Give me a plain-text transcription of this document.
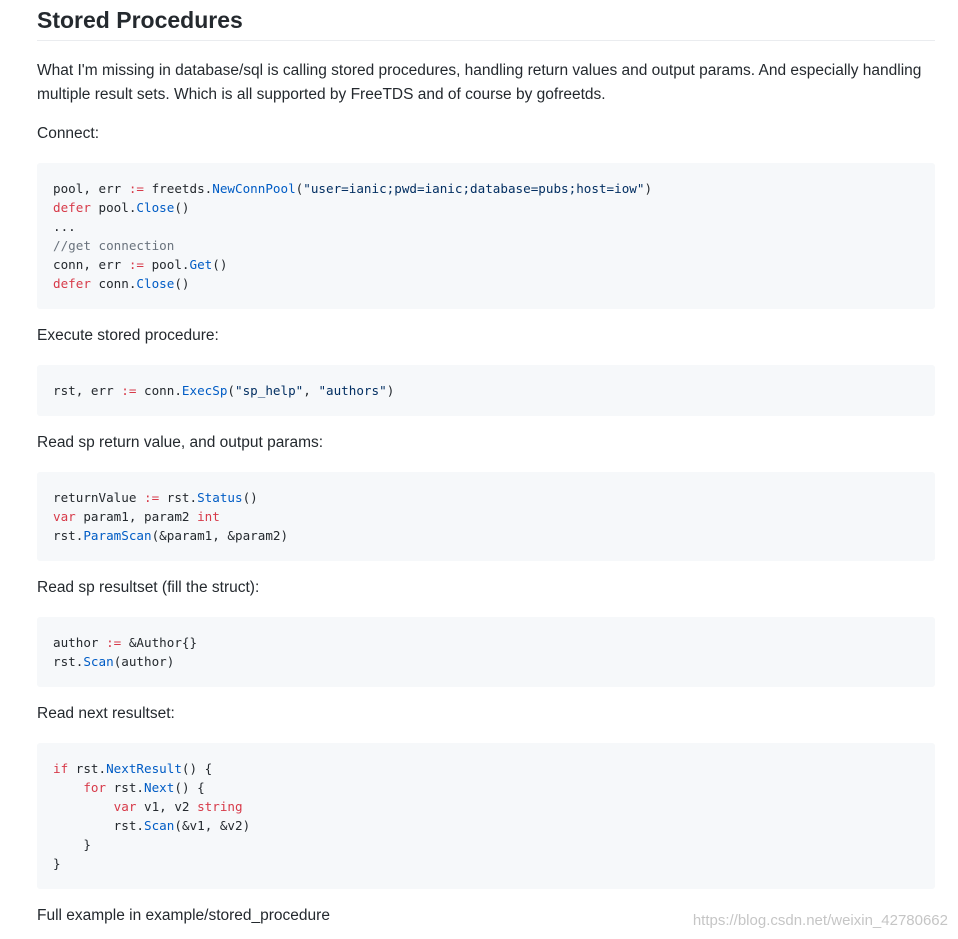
Stored Procedures

What I'm missing in database/sql is calling stored procedures, handling return values and output params. And especially handling multiple result sets. Which is all supported by FreeTDS and of course by gofreetds.

Connect:

pool, err := freetds.NewConnPool("user=ianic;pwd=ianic;database=pubs;host=iow")
defer pool.Close()
...
//get connection
conn, err := pool.Get()
defer conn.Close()

Execute stored procedure:

rst, err := conn.ExecSp("sp_help", "authors")

Read sp return value, and output params:

returnValue := rst.Status()
var param1, param2 int
rst.ParamScan(&param1, &param2)

Read sp resultset (fill the struct):

author := &Author{}
rst.Scan(author)

Read next resultset:

if rst.NextResult() {
for rst.Next() {
var v1, v2 string
rst.Scan(&v1, &v2)
}
}

Full example in example/stored_procedure	https://blog.csdn.net/weixin_42780662
